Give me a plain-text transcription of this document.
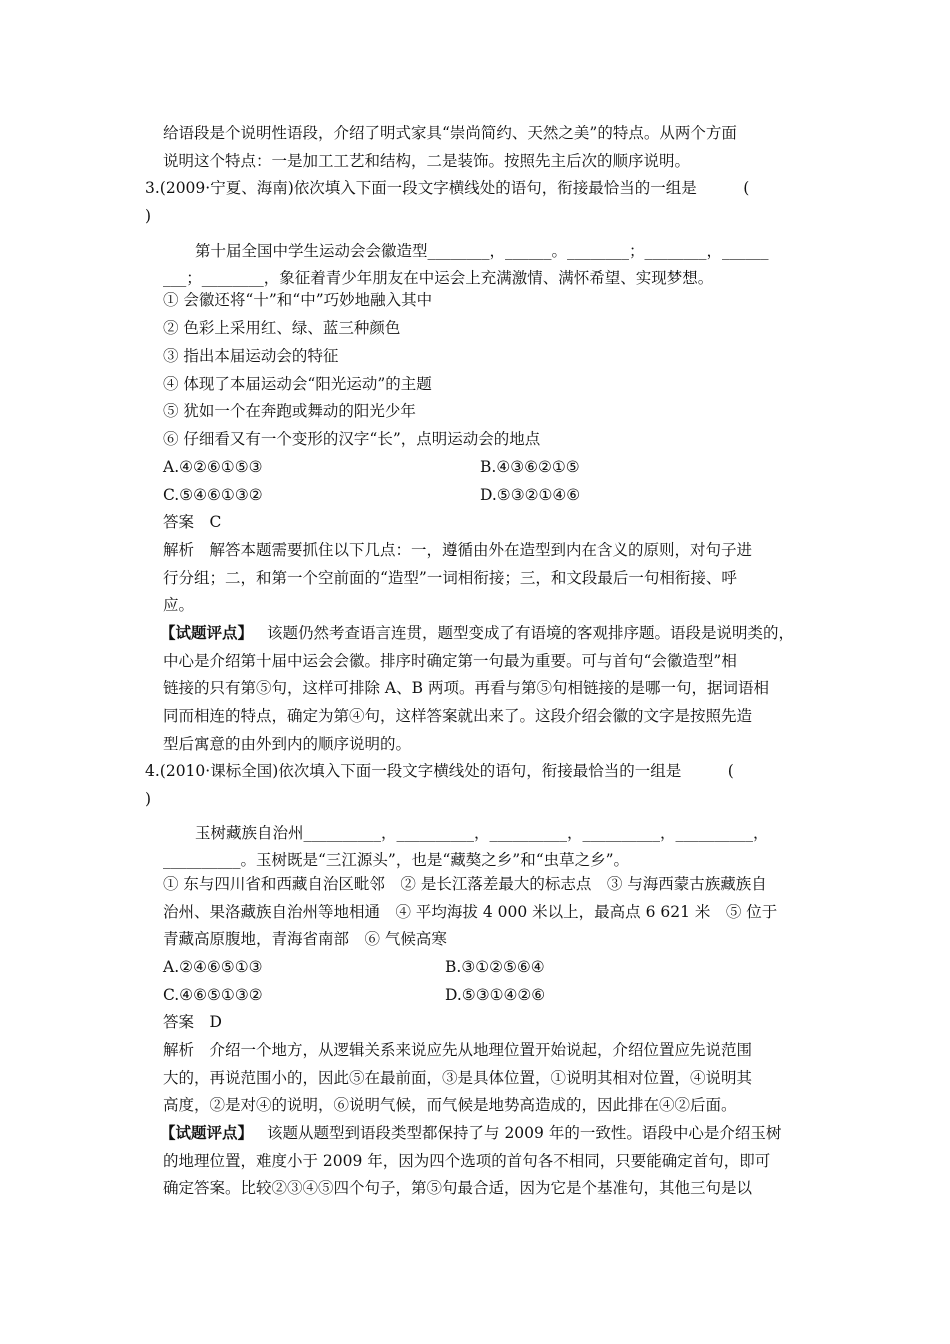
给语段是个说明性语段，介绍了明式家具“崇尚简约、天然之美”的特点。从两个方面
说明这个特点：一是加工工艺和结构，二是装饰。按照先主后次的顺序说明。
3.(2009·宁夏、海南)依次填入下面一段文字横线处的语句，衔接最恰当的一组是　　　(
)
第十届全国中学生运动会会徽造型________，______。________；________，______
___；________，象征着青少年朋友在中运会上充满激情、满怀希望、实现梦想。
① 会徽还将“十”和“中”巧妙地融入其中
② 色彩上采用红、绿、蓝三种颜色
③ 指出本届运动会的特征
④ 体现了本届运动会“阳光运动”的主题
⑤ 犹如一个在奔跑或舞动的阳光少年
⑥ 仔细看又有一个变形的汉字“长”，点明运动会的地点
A.④②⑥①⑤③	B.④③⑥②①⑤
C.⑤④⑥①③②	D.⑤③②①④⑥
答案　C
解析　解答本题需要抓住以下几点：一，遵循由外在造型到内在含义的原则，对句子进
行分组；二，和第一个空前面的“造型”一词相衔接；三，和文段最后一句相衔接、呼
应。
【试题评点】 该题仍然考查语言连贯，题型变成了有语境的客观排序题。语段是说明类的，
中心是介绍第十届中运会会徽。排序时确定第一句最为重要。可与首句“会徽造型”相
链接的只有第⑤句，这样可排除 A、B 两项。再看与第⑤句相链接的是哪一句，据词语相
同而相连的特点，确定为第④句，这样答案就出来了。这段介绍会徽的文字是按照先造
型后寓意的由外到内的顺序说明的。
4.(2010·课标全国)依次填入下面一段文字横线处的语句，衔接最恰当的一组是　　　(
)
玉树藏族自治州__________，__________，__________，__________，__________，
__________。玉树既是“三江源头”，也是“藏獒之乡”和“虫草之乡”。
① 东与四川省和西藏自治区毗邻　② 是长江落差最大的标志点　③ 与海西蒙古族藏族自
治州、果洛藏族自治州等地相通　④ 平均海拔 4 000 米以上，最高点 6 621 米　⑤ 位于
青藏高原腹地，青海省南部　⑥ 气候高寒
A.②④⑥⑤①③	B.③①②⑤⑥④
C.④⑥⑤①③②	D.⑤③①④②⑥
答案　D
解析　介绍一个地方，从逻辑关系来说应先从地理位置开始说起，介绍位置应先说范围
大的，再说范围小的，因此⑤在最前面，③是具体位置，①说明其相对位置，④说明其
高度，②是对④的说明，⑥说明气候，而气候是地势高造成的，因此排在④②后面。
【试题评点】 该题从题型到语段类型都保持了与 2009 年的一致性。语段中心是介绍玉树
的地理位置，难度小于 2009 年，因为四个选项的首句各不相同，只要能确定首句，即可
确定答案。比较②③④⑤四个句子，第⑤句最合适，因为它是个基准句，其他三句是以
